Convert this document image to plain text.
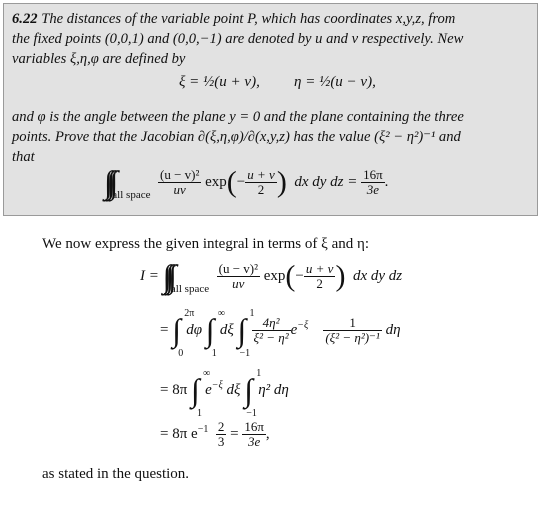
6.22 The distances of the variable point P, which has coordinates x,y,z, from
the fixed points (0,0,1) and (0,0,−1) are denoted by u and v respectively. New
variables ξ,η,φ are defined by
ξ = ½(u + v), η = ½(u − v),
and φ is the angle between the plane y = 0 and the plane containing the three
points. Prove that the Jacobian ∂(ξ,η,φ)/∂(x,y,z) has the value (ξ² − η²)⁻¹ and
that
$\int\int\int_{all space} \frac{\text{(u − v)²}}{uv} \exp(- \frac{u + v}{2}$ ) dx dy dz = $\frac{16\pi}{3e}$ .
We now express the given integral in terms of ξ and η:
$I = \int\int\int_{all space} \frac{\text{(u − v)²}}{uv} \exp(- \frac{u + v}{2}$ ) dx dy dz
= ∫ 2π
0
dφ ∫ ∞
1
dξ ∫ 1
−1

$\frac{\text{4η²}}{\text{ξ² − η²}} e^{-\xi} \frac{1}{\text{(ξ² − η²)⁻¹}}$ dη
= 8π ∫ ∞
1
$e^{-\xi}$ dξ ∫ 1
−1
η² dη
= 8π $e^{-1} \frac{2}{3} = \frac{16\pi}{3e}$ ,
as stated in the question.
